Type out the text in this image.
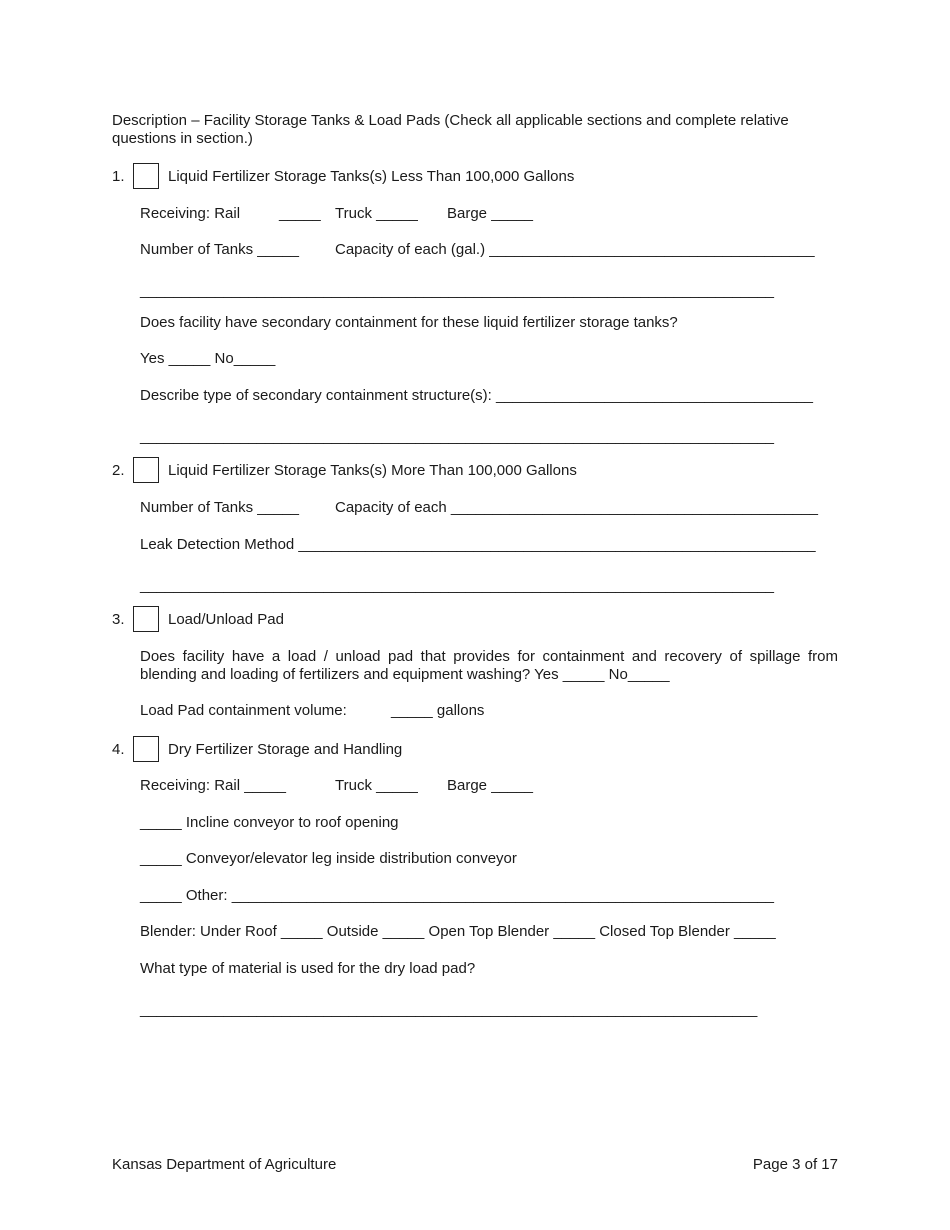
Description – Facility Storage Tanks & Load Pads (Check all applicable sections and complete relative questions in section.)
1.	Liquid Fertilizer Storage Tanks(s) Less Than 100,000 Gallons
Receiving: Rail	_____ Truck _____ Barge _____
Number of Tanks _____ Capacity of each (gal.) _______________________________________
____________________________________________________________________________
Does facility have secondary containment for these liquid fertilizer storage tanks?
Yes _____ No_____
Describe type of secondary containment structure(s): ______________________________________
____________________________________________________________________________
2.	Liquid Fertilizer Storage Tanks(s) More Than 100,000 Gallons
Number of Tanks _____ Capacity of each ____________________________________________
Leak Detection Method ______________________________________________________________
____________________________________________________________________________
3.	Load/Unload Pad
Does facility have a load / unload pad that provides for containment and recovery of spillage from blending and loading of fertilizers and equipment washing? Yes _____ No_____
Load Pad containment volume:	_____ gallons
4.	Dry Fertilizer Storage and Handling
Receiving: Rail _____	Truck _____ Barge _____
_____ Incline conveyor to roof opening
_____ Conveyor/elevator leg inside distribution conveyor
_____ Other: _________________________________________________________________
Blender: Under Roof _____ Outside _____ Open Top Blender _____ Closed Top Blender _____
What type of material is used for the dry load pad?
__________________________________________________________________________
Kansas Department of Agriculture	Page 3 of 17
